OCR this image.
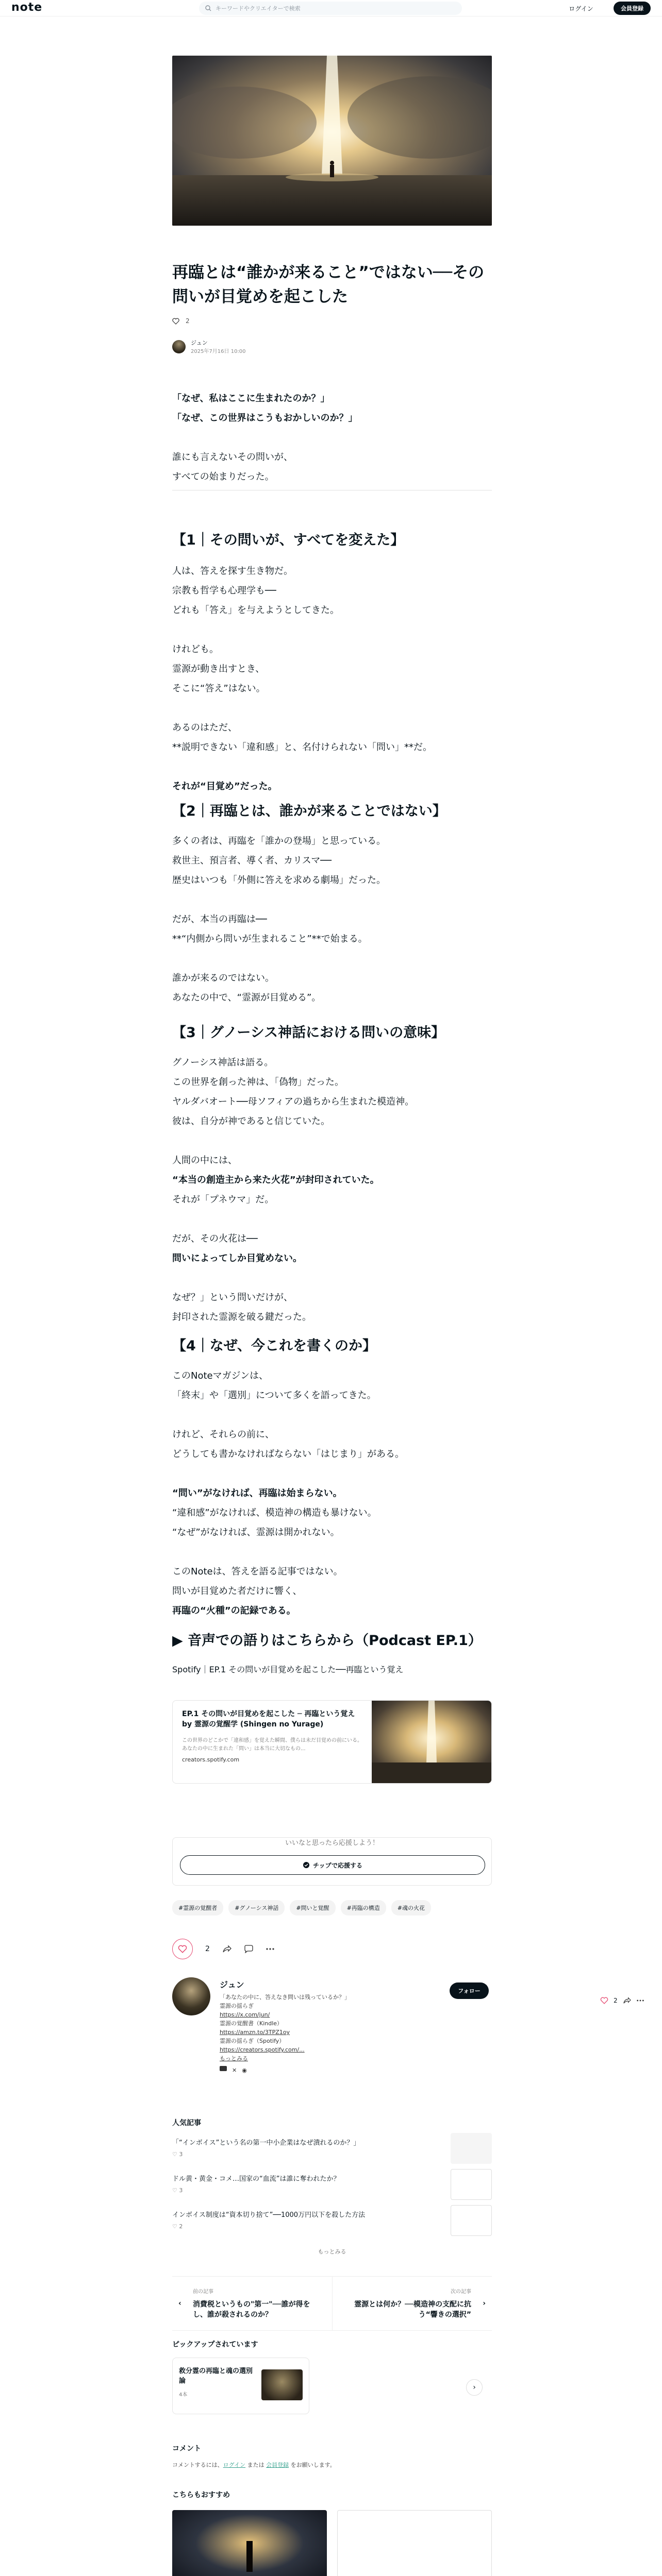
note	キーワードやクリエイターで検索	ログイン	会員登録
再臨とは“誰かが来ること”ではない──その問いが目覚めを起こした
2
ジュン
2025年7月16日 10:00
「なぜ、私はここに生まれたのか？」
「なぜ、この世界はこうもおかしいのか？」
誰にも言えないその問いが、
すべての始まりだった。
【1｜その問いが、すべてを変えた】
人は、答えを探す生き物だ。
宗教も哲学も心理学も──
どれも「答え」を与えようとしてきた。
けれども。
霊源が動き出すとき、
そこに“答え”はない。
あるのはただ、
**説明できない「違和感」と、名付けられない「問い」**だ。
それが“目覚め”だった。
【2｜再臨とは、誰かが来ることではない】
多くの者は、再臨を「誰かの登場」と思っている。
救世主、預言者、導く者、カリスマ──
歴史はいつも「外側に答えを求める劇場」だった。
だが、本当の再臨は──
**“内側から問いが生まれること”**で始まる。
誰かが来るのではない。
あなたの中で、“霊源が目覚める”。
【3｜グノーシス神話における問いの意味】
グノーシス神話は語る。
この世界を創った神は、「偽物」だった。
ヤルダバオート──母ソフィアの過ちから生まれた模造神。
彼は、自分が神であると信じていた。
人間の中には、
“本当の創造主から来た火花”が封印されていた。
それが「プネウマ」だ。
だが、その火花は──
問いによってしか目覚めない。
なぜ？」という問いだけが、
封印された霊源を破る鍵だった。
【4｜なぜ、今これを書くのか】
このNoteマガジンは、
「終末」や「選別」について多くを語ってきた。
けれど、それらの前に、
どうしても書かなければならない「はじまり」がある。
“問い”がなければ、再臨は始まらない。
“違和感”がなければ、模造神の構造も暴けない。
“なぜ”がなければ、霊源は開かれない。
このNoteは、答えを語る記事ではない。
問いが目覚めた者だけに響く、
再臨の“火種”の記録である。
▶ 音声での語りはこちらから（Podcast EP.1）
Spotify｜EP.1 その問いが目覚めを起こした──再臨という覚え
EP.1 その問いが目覚めを起こした ─ 再臨という覚え by 霊源の覚醒学 (Shingen no Yurage)
この世界のどこかで「違和感」を覚えた瞬間、僕らは未だ目覚めの前にいる。あなたの中に生まれた「問い」は本当に大切なもの...
creators.spotify.com
いいなと思ったら応援しよう！
チップで応援する
#霊源の覚醒者	#グノーシス神話	#問いと覚醒	#再臨の構造	#魂の火花
2
ジュン
フォロー
「あなたの中に、答えなき問いは残っているか？」
霊源の揺らぎ
https://x.com/jun/
霊源の覚醒書（Kindle）
https://amzn.to/3TPZ1oy
霊源の揺らぎ（Spotify）
https://creators.spotify.com/...
もっとみる
✕ ◉
2
人気記事
「“インボイス”という名の第一中小企業はなぜ潰れるのか？」
♡ 3
ドル黄・黄金・コメ…国家の“血流”は誰に奪われたか？
♡ 3
インボイス制度は“資本切り捨て”──1000万円以下を殺した方法
♡ 2
もっとみる
‹
前の記事
消費税というもの"第一"──誰が得をし、誰が殺されるのか？
›
次の記事
霊源とは何か？──模造神の支配に抗う“響きの選択”
ピックアップされています
救分霊の再臨と魂の選別論
4本
›
コメント
コメントするには、ログイン または 会員登録 をお願いします。
こちらもおすすめ
